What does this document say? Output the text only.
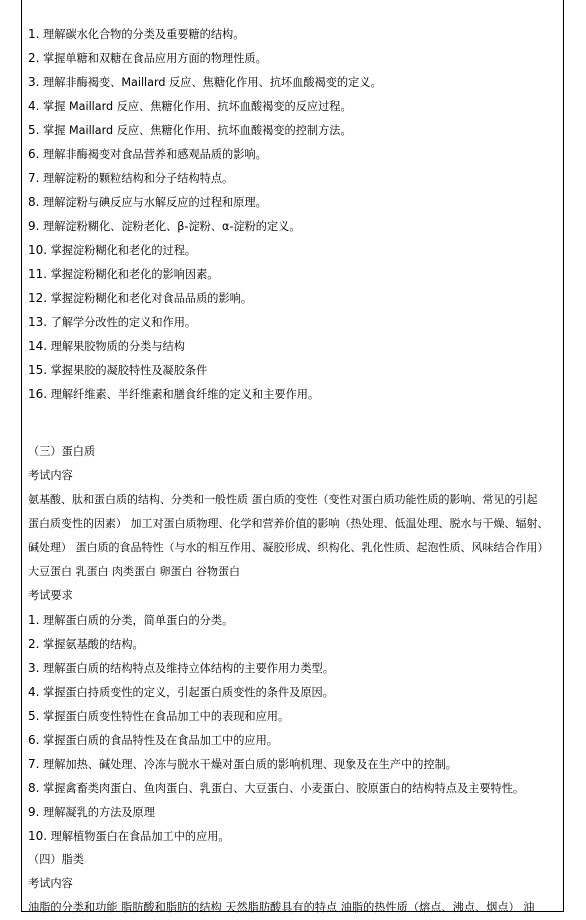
1. 理解碳水化合物的分类及重要糖的结构。
2. 掌握单糖和双糖在食品应用方面的物理性质。
3. 理解非酶褐变、Maillard 反应、焦糖化作用、抗坏血酸褐变的定义。
4. 掌握 Maillard 反应、焦糖化作用、抗坏血酸褐变的反应过程。
5. 掌握 Maillard 反应、焦糖化作用、抗坏血酸褐变的控制方法。
6. 理解非酶褐变对食品营养和感观品质的影响。
7. 理解淀粉的颗粒结构和分子结构特点。
8. 理解淀粉与碘反应与水解反应的过程和原理。
9. 理解淀粉糊化、淀粉老化、β-淀粉、α-淀粉的定义。
10. 掌握淀粉糊化和老化的过程。
11. 掌握淀粉糊化和老化的影响因素。
12. 掌握淀粉糊化和老化对食品品质的影响。
13. 了解学分改性的定义和作用。
14. 理解果胶物质的分类与结构
15. 掌握果胶的凝胶特性及凝胶条件
16. 理解纤维素、半纤维素和膳食纤维的定义和主要作用。
（三）蛋白质
考试内容
氨基酸、肽和蛋白质的结构、分类和一般性质 蛋白质的变性（变性对蛋白质功能性质的影响、常见的引起
蛋白质变性的因素） 加工对蛋白质物理、化学和营养价值的影响（热处理、低温处理、脱水与干燥、辐射、
碱处理） 蛋白质的食品特性（与水的相互作用、凝胶形成、织构化、乳化性质、起泡性质、风味结合作用）
大豆蛋白 乳蛋白 肉类蛋白 卵蛋白 谷物蛋白
考试要求
1. 理解蛋白质的分类，简单蛋白的分类。
2. 掌握氨基酸的结构。
3. 理解蛋白质的结构特点及维持立体结构的主要作用力类型。
4. 掌握蛋白持质变性的定义，引起蛋白质变性的条件及原因。
5. 掌握蛋白质变性特性在食品加工中的表现和应用。
6. 掌握蛋白质的食品特性及在食品加工中的应用。
7. 理解加热、碱处理、冷冻与脱水干燥对蛋白质的影响机理、现象及在生产中的控制。
8. 掌握禽畜类肉蛋白、鱼肉蛋白、乳蛋白、大豆蛋白、小麦蛋白、胶原蛋白的结构特点及主要特性。
9. 理解凝乳的方法及原理
10. 理解植物蛋白在食品加工中的应用。
（四）脂类
考试内容
油脂的分类和功能 脂肪酸和脂肪的结构 天然脂肪酸具有的特点 油脂的热性质（熔点、沸点、烟点） 油
